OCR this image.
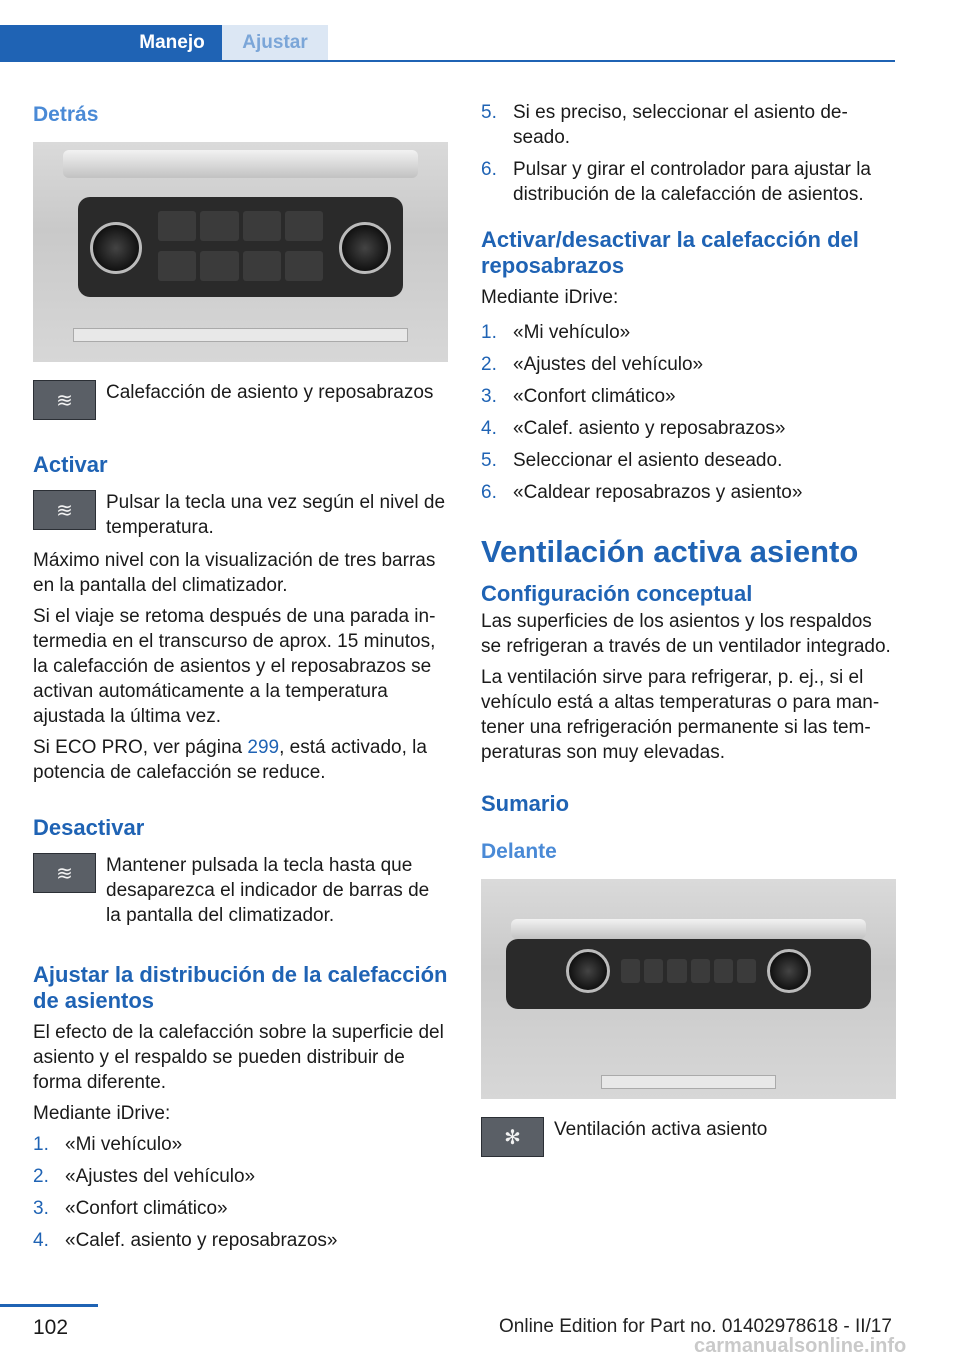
Manejo	Ajustar
Detrás
≋	Calefacción de asiento y reposabrazos

Activar
≋	Pulsar la tecla una vez según el nivel de temperatura.

Máximo nivel con la visualización de tres barras en la pantalla del climatizador.

Si el viaje se retoma después de una parada intermedia en el transcurso de aprox. 15 minutos, la calefacción de asientos y el reposabrazos se activan automáticamente a la temperatura ajustada la última vez.

Si ECO PRO, ver página 299, está activado, la potencia de calefacción se reduce.

Desactivar
≋	Mantener pulsada la tecla hasta que desaparezca el indicador de barras de la pantalla del climatizador.

Ajustar la distribución de la calefacción de asientos

El efecto de la calefacción sobre la superficie del asiento y el respaldo se pueden distribuir de forma diferente.

Mediante iDrive:

1. «Mi vehículo»
2. «Ajustes del vehículo»
3. «Confort climático»
4. «Calef. asiento y reposabrazos»
5. Si es preciso, seleccionar el asiento deseado.
6. Pulsar y girar el controlador para ajustar la distribución de la calefacción de asientos.
Activar/desactivar la calefacción del reposabrazos

Mediante iDrive:

1. «Mi vehículo»
2. «Ajustes del vehículo»
3. «Confort climático»
4. «Calef. asiento y reposabrazos»
5. Seleccionar el asiento deseado.
6. «Caldear reposabrazos y asiento»
Ventilación activa asiento
Configuración conceptual

Las superficies de los asientos y los respaldos se refrigeran a través de un ventilador integrado.

La ventilación sirve para refrigerar, p. ej., si el vehículo está a altas temperaturas o para mantener una refrigeración permanente si las temperaturas son muy elevadas.

Sumario
Delante
✻	Ventilación activa asiento

102	Online Edition for Part no. 01402978618 - II/17
carmanualsonline.info
